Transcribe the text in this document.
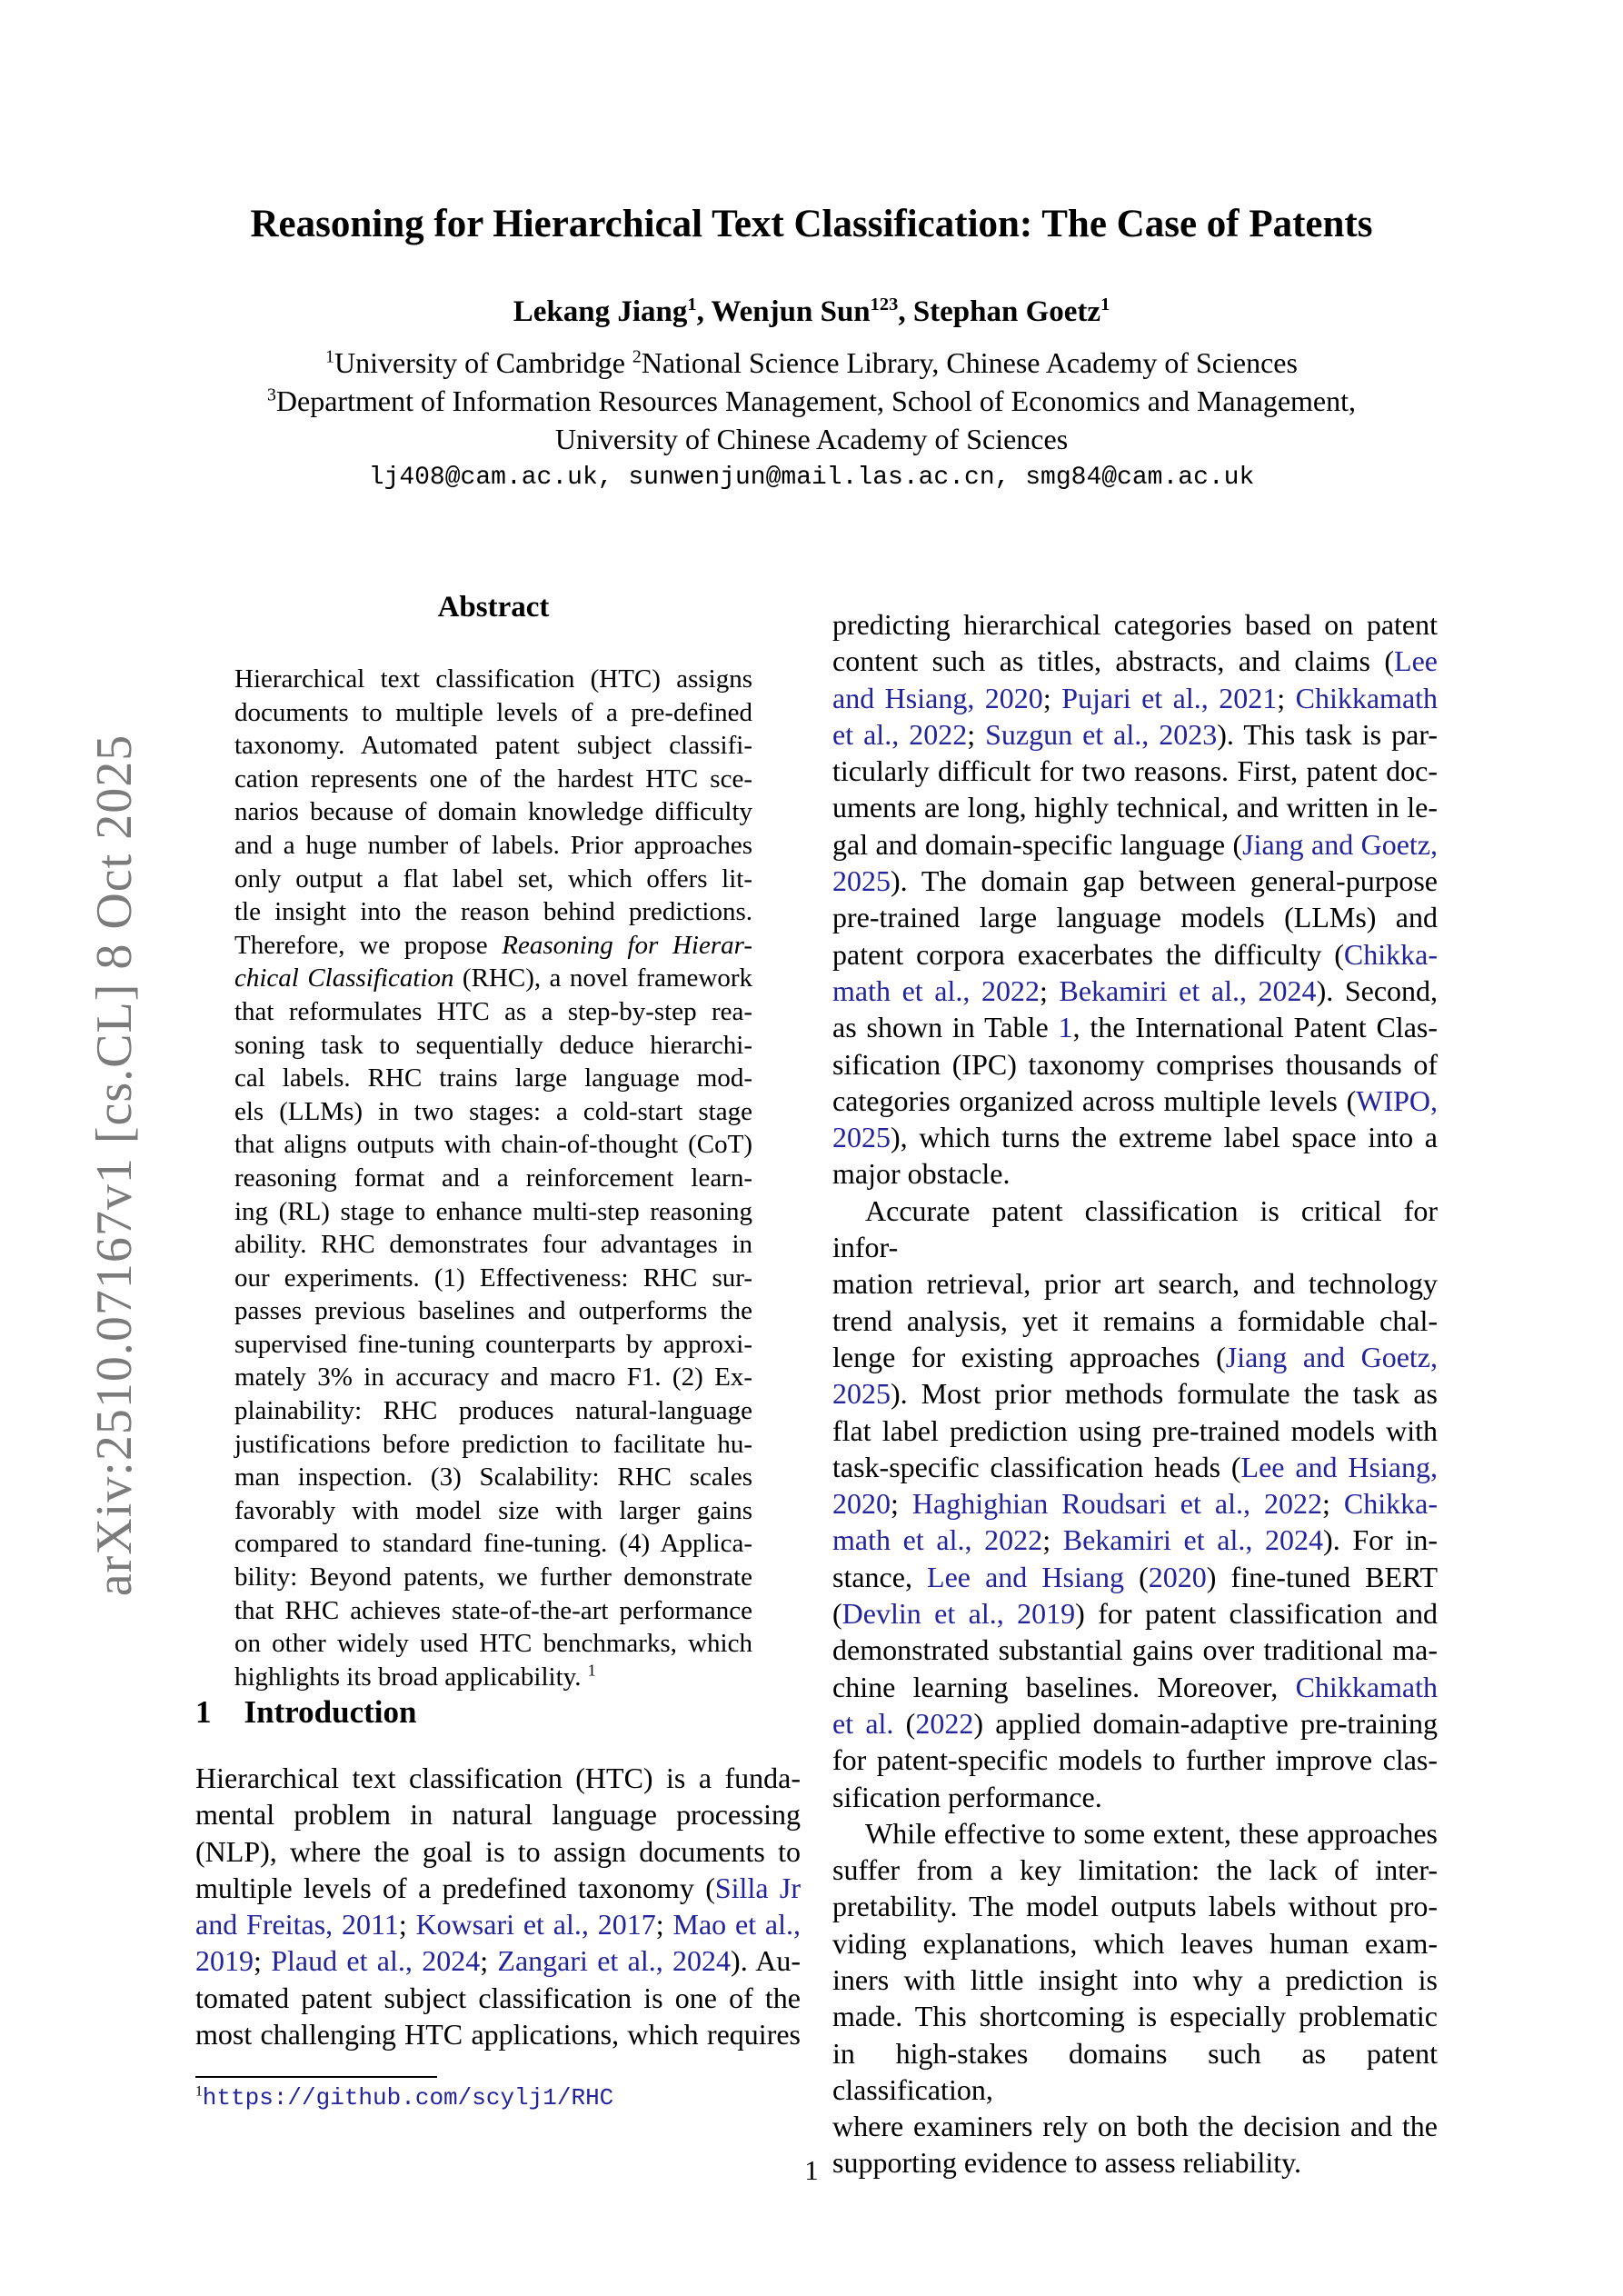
arXiv:2510.07167v1 [cs.CL] 8 Oct 2025
Reasoning for Hierarchical Text Classification: The Case of Patents
Lekang Jiang$^1$, Wenjun Sun$^{123}$, Stephan Goetz$^1$
$^1$University of Cambridge $^2$National Science Library, Chinese Academy of Sciences
$^3$Department of Information Resources Management, School of Economics and Management,
University of Chinese Academy of Sciences
lj408@cam.ac.uk, sunwenjun@mail.las.ac.cn, smg84@cam.ac.uk
Abstract
Hierarchical text classification (HTC) assigns
documents to multiple levels of a pre-defined
taxonomy. Automated patent subject classifi-
cation represents one of the hardest HTC sce-
narios because of domain knowledge difficulty
and a huge number of labels. Prior approaches
only output a flat label set, which offers lit-
tle insight into the reason behind predictions.
Therefore, we propose Reasoning for Hierar-
chical Classification (RHC), a novel framework
that reformulates HTC as a step-by-step rea-
soning task to sequentially deduce hierarchi-
cal labels. RHC trains large language mod-
els (LLMs) in two stages: a cold-start stage
that aligns outputs with chain-of-thought (CoT)
reasoning format and a reinforcement learn-
ing (RL) stage to enhance multi-step reasoning
ability. RHC demonstrates four advantages in
our experiments. (1) Effectiveness: RHC sur-
passes previous baselines and outperforms the
supervised fine-tuning counterparts by approxi-
mately 3% in accuracy and macro F1. (2) Ex-
plainability: RHC produces natural-language
justifications before prediction to facilitate hu-
man inspection. (3) Scalability: RHC scales
favorably with model size with larger gains
compared to standard fine-tuning. (4) Applica-
bility: Beyond patents, we further demonstrate
that RHC achieves state-of-the-art performance
on other widely used HTC benchmarks, which
highlights its broad applicability. $^1$
1 Introduction
Hierarchical text classification (HTC) is a funda-
mental problem in natural language processing
(NLP), where the goal is to assign documents to
multiple levels of a predefined taxonomy (Silla Jr
and Freitas, 2011; Kowsari et al., 2017; Mao et al.,
2019; Plaud et al., 2024; Zangari et al., 2024). Au-
tomated patent subject classification is one of the
most challenging HTC applications, which requires
predicting hierarchical categories based on patent
content such as titles, abstracts, and claims (Lee
and Hsiang, 2020; Pujari et al., 2021; Chikkamath
et al., 2022; Suzgun et al., 2023). This task is par-
ticularly difficult for two reasons. First, patent doc-
uments are long, highly technical, and written in le-
gal and domain-specific language (Jiang and Goetz,
2025). The domain gap between general-purpose
pre-trained large language models (LLMs) and
patent corpora exacerbates the difficulty (Chikka-
math et al., 2022; Bekamiri et al., 2024). Second,
as shown in Table 1, the International Patent Clas-
sification (IPC) taxonomy comprises thousands of
categories organized across multiple levels (WIPO,
2025), which turns the extreme label space into a
major obstacle.
Accurate patent classification is critical for infor-
mation retrieval, prior art search, and technology
trend analysis, yet it remains a formidable chal-
lenge for existing approaches (Jiang and Goetz,
2025). Most prior methods formulate the task as
flat label prediction using pre-trained models with
task-specific classification heads (Lee and Hsiang,
2020; Haghighian Roudsari et al., 2022; Chikka-
math et al., 2022; Bekamiri et al., 2024). For in-
stance, Lee and Hsiang (2020) fine-tuned BERT
(Devlin et al., 2019) for patent classification and
demonstrated substantial gains over traditional ma-
chine learning baselines. Moreover, Chikkamath
et al. (2022) applied domain-adaptive pre-training
for patent-specific models to further improve clas-
sification performance.
While effective to some extent, these approaches
suffer from a key limitation: the lack of inter-
pretability. The model outputs labels without pro-
viding explanations, which leaves human exam-
iners with little insight into why a prediction is
made. This shortcoming is especially problematic
in high-stakes domains such as patent classification,
where examiners rely on both the decision and the
supporting evidence to assess reliability.
$^1$https://github.com/scylj1/RHC
1
